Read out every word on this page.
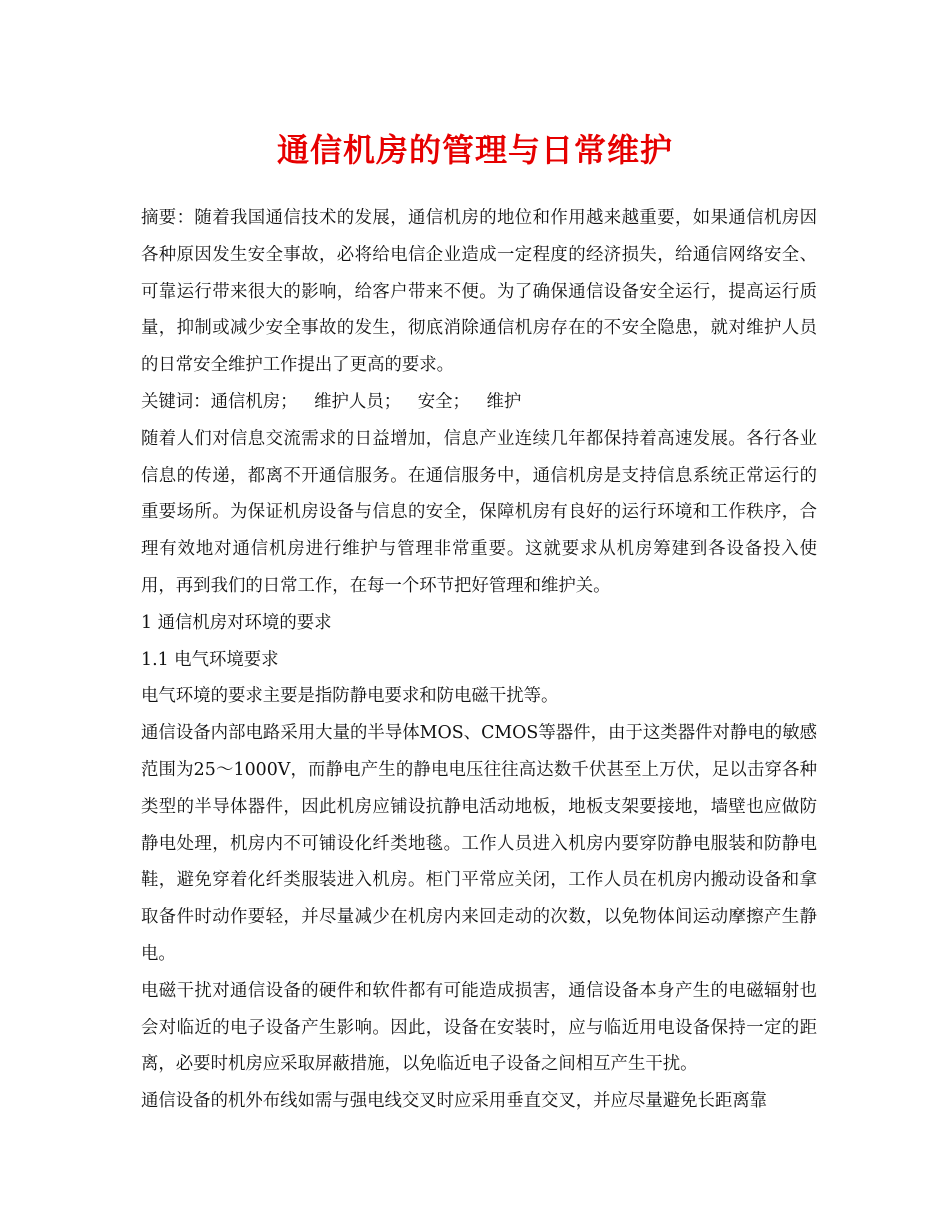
通信机房的管理与日常维护

摘要：随着我国通信技术的发展，通信机房的地位和作用越来越重要，如果通信机房因各种原因发生安全事故，必将给电信企业造成一定程度的经济损失，给通信网络安全、可靠运行带来很大的影响，给客户带来不便。为了确保通信设备安全运行，提高运行质量，抑制或减少安全事故的发生，彻底消除通信机房存在的不安全隐患，就对维护人员的日常安全维护工作提出了更高的要求。

关键词：通信机房； 维护人员； 安全； 维护

随着人们对信息交流需求的日益增加，信息产业连续几年都保持着高速发展。各行各业信息的传递，都离不开通信服务。在通信服务中，通信机房是支持信息系统正常运行的重要场所。为保证机房设备与信息的安全，保障机房有良好的运行环境和工作秩序，合理有效地对通信机房进行维护与管理非常重要。这就要求从机房筹建到各设备投入使用，再到我们的日常工作，在每一个环节把好管理和维护关。

1 通信机房对环境的要求

1.1 电气环境要求

电气环境的要求主要是指防静电要求和防电磁干扰等。

通信设备内部电路采用大量的半导体MOS、CMOS等器件，由于这类器件对静电的敏感范围为25～1000V，而静电产生的静电电压往往高达数千伏甚至上万伏，足以击穿各种类型的半导体器件，因此机房应铺设抗静电活动地板，地板支架要接地，墙壁也应做防静电处理，机房内不可铺设化纤类地毯。工作人员进入机房内要穿防静电服装和防静电鞋，避免穿着化纤类服装进入机房。柜门平常应关闭，工作人员在机房内搬动设备和拿取备件时动作要轻，并尽量减少在机房内来回走动的次数，以免物体间运动摩擦产生静电。

电磁干扰对通信设备的硬件和软件都有可能造成损害，通信设备本身产生的电磁辐射也会对临近的电子设备产生影响。因此，设备在安装时，应与临近用电设备保持一定的距离，必要时机房应采取屏蔽措施，以免临近电子设备之间相互产生干扰。

通信设备的机外布线如需与强电线交叉时应采用垂直交叉，并应尽量避免长距离靠
